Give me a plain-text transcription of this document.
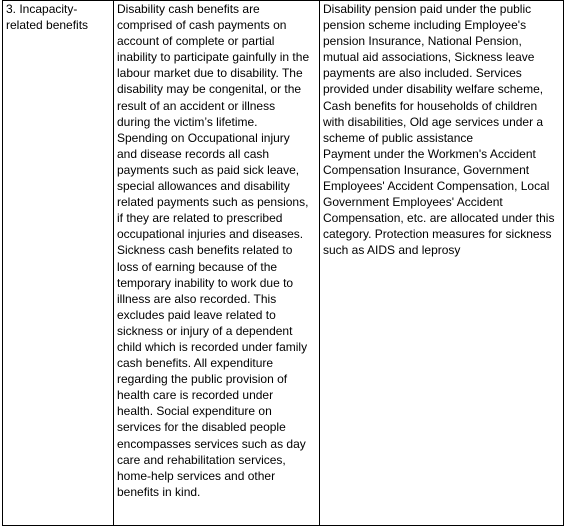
3. Incapacity-
related benefits

Disability cash benefits are
comprised of cash payments on
account of complete or partial
inability to participate gainfully in the
labour market due to disability. The
disability may be congenital, or the
result of an accident or illness
during the victim’s lifetime.
Spending on Occupational injury
and disease records all cash
payments such as paid sick leave,
special allowances and disability
related payments such as pensions,
if they are related to prescribed
occupational injuries and diseases.
Sickness cash benefits related to
loss of earning because of the
temporary inability to work due to
illness are also recorded. This
excludes paid leave related to
sickness or injury of a dependent
child which is recorded under family
cash benefits. All expenditure
regarding the public provision of
health care is recorded under
health. Social expenditure on
services for the disabled people
encompasses services such as day
care and rehabilitation services,
home-help services and other
benefits in kind.

Disability pension paid under the public
pension scheme including Employee's
pension Insurance, National Pension,
mutual aid associations, Sickness leave
payments are also included. Services
provided under disability welfare scheme,
Cash benefits for households of children
with disabilities, Old age services under a
scheme of public assistance
Payment under the Workmen's Accident
Compensation Insurance, Government
Employees' Accident Compensation, Local
Government Employees' Accident
Compensation, etc. are allocated under this
category. Protection measures for sickness
such as AIDS and leprosy
